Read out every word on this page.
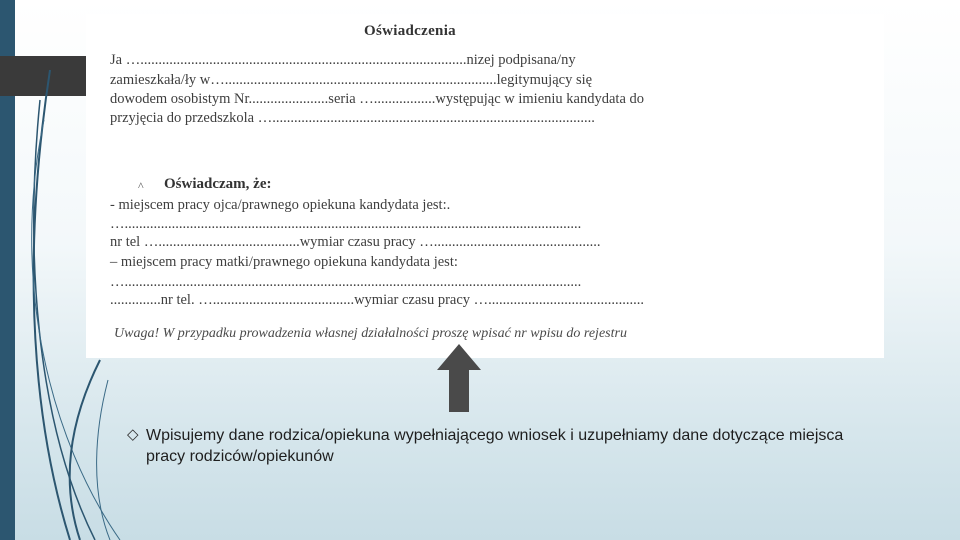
Oświadczenia
Ja …..........................................................................................nizej podpisana/ny
zamieszkała/ły w…...........................................................................legitymujący się
dowodem osobistym Nr......................seria ….................występując w imieniu kandydata do
przyjęcia do przedszkola ….........................................................................................
^ Oświadczam, że:
- miejscem pracy ojca/prawnego opiekuna kandydata jest:.
…..............................................................................................................................
nr tel ….......................................wymiar czasu pracy …..............................................
– miejscem pracy matki/prawnego opiekuna kandydata jest:
…..............................................................................................................................
..............nr tel. ….......................................wymiar czasu pracy …...........................................
Uwaga! W przypadku prowadzenia własnej działalności proszę wpisać nr wpisu do rejestru
◇ Wpisujemy dane rodzica/opiekuna wypełniającego wniosek i uzupełniamy dane dotyczące miejsca pracy rodziców/opiekunów
